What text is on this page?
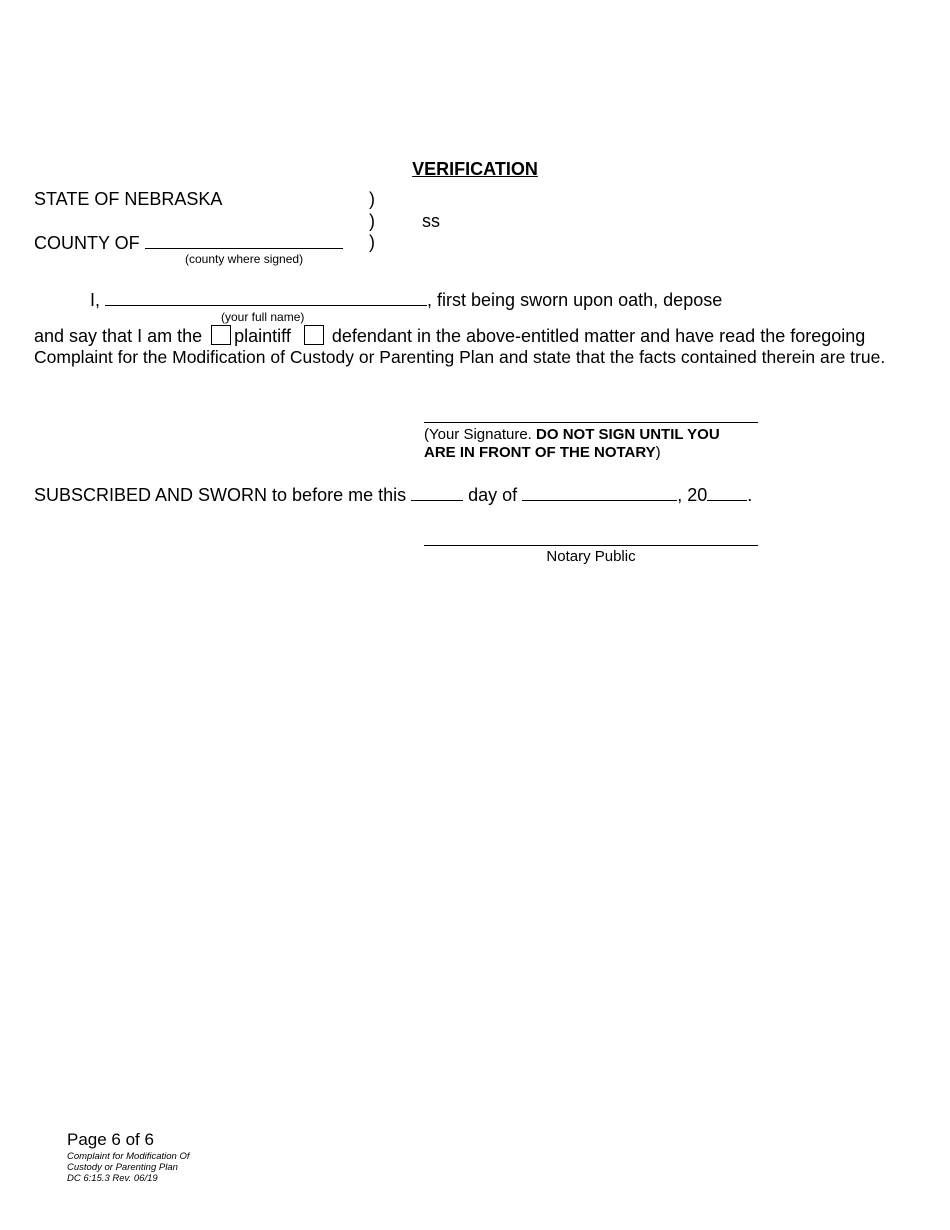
VERIFICATION
STATE OF NEBRASKA	)
)	ss
COUNTY OF	)
(county where signed)
I,	, first being sworn upon oath, depose
(your full name)
and say that I am the plaintiff defendant in the above-entitled matter and have read the foregoing
Complaint for the Modification of Custody or Parenting Plan and state that the facts contained therein are true.
(Your Signature. DO NOT SIGN UNTIL YOU
ARE IN FRONT OF THE NOTARY)
SUBSCRIBED AND SWORN to before me this	day of	, 20 .
Notary Public
Page 6 of 6
Complaint for Modification Of
Custody or Parenting Plan
DC 6:15.3 Rev. 06/19
